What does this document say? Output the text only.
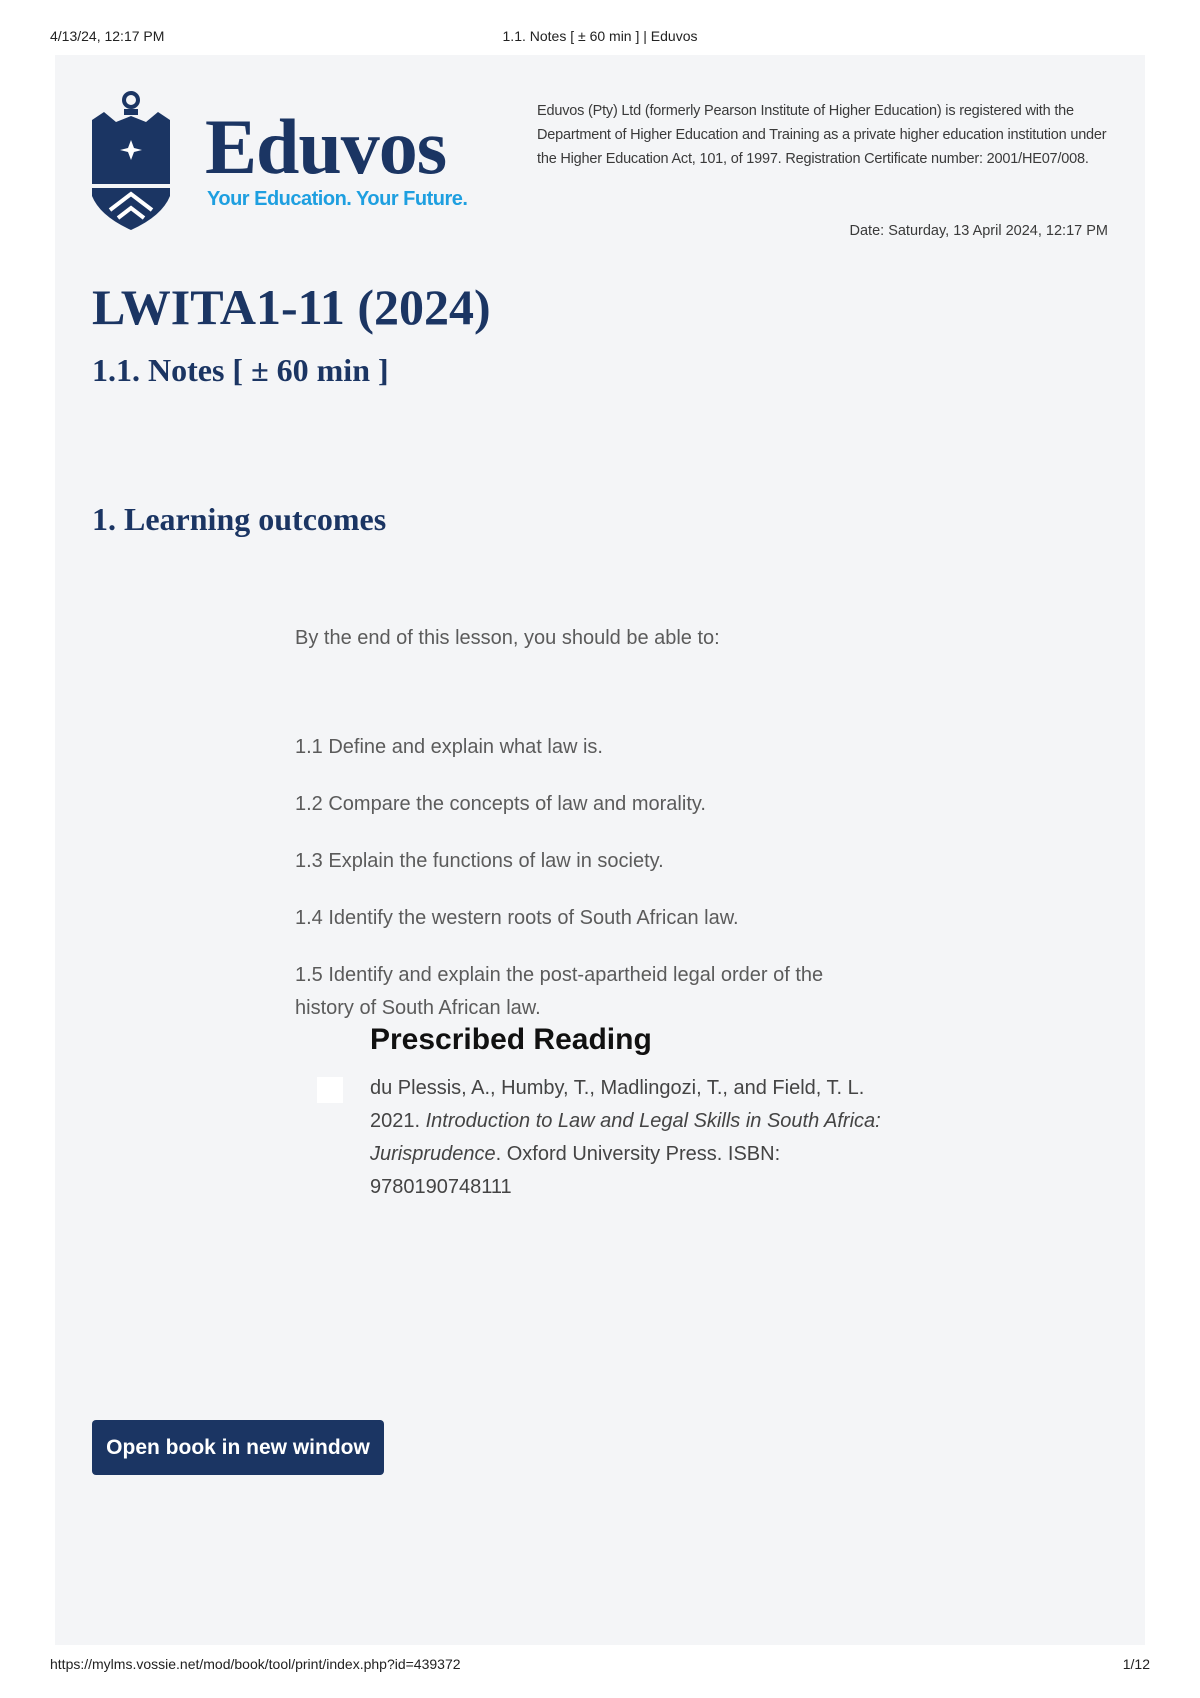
4/13/24, 12:17 PM	1.1. Notes [ ± 60 min ] | Eduvos
Eduvos
Your Education. Your Future.
Eduvos (Pty) Ltd (formerly Pearson Institute of Higher Education) is registered with the Department of Higher Education and Training as a private higher education institution under the Higher Education Act, 101, of 1997. Registration Certificate number: 2001/HE07/008.
Date: Saturday, 13 April 2024, 12:17 PM
LWITA1-11 (2024)
1.1. Notes [ ± 60 min ]
1. Learning outcomes
By the end of this lesson, you should be able to:
1.1 Define and explain what law is.
1.2 Compare the concepts of law and morality.
1.3 Explain the functions of law in society.
1.4 Identify the western roots of South African law.
1.5 Identify and explain the post-apartheid legal order of the history of South African law.
Prescribed Reading
du Plessis, A., Humby, T., Madlingozi, T., and Field, T. L. 2021. Introduction to Law and Legal Skills in South Africa: Jurisprudence. Oxford University Press. ISBN: 9780190748111
Open book in new window
https://mylms.vossie.net/mod/book/tool/print/index.php?id=439372	1/12
